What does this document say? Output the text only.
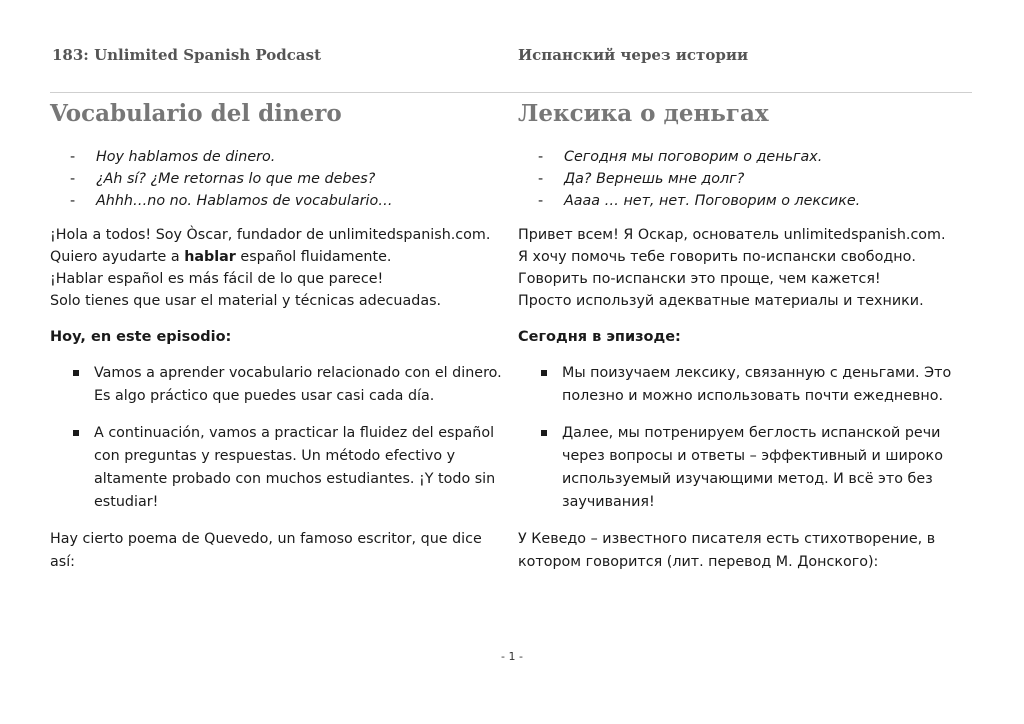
183: Unlimited Spanish Podcast	Испанский через истории
Vocabulario del dinero
- Hoy hablamos de dinero.
- ¿Ah sí? ¿Me retornas lo que me debes?
- Ahhh…no no. Hablamos de vocabulario…
¡Hola a todos! Soy Òscar, fundador de unlimitedspanish.com.
Quiero ayudarte a hablar español fluidamente.
¡Hablar español es más fácil de lo que parece!
Solo tienes que usar el material y técnicas adecuadas.
Hoy, en este episodio:
Vamos a aprender vocabulario relacionado con el dinero. Es algo práctico que puedes usar casi cada día.
A continuación, vamos a practicar la fluidez del español con preguntas y respuestas. Un método efectivo y altamente probado con muchos estudiantes. ¡Y todo sin estudiar!

Hay cierto poema de Quevedo, un famoso escritor, que dice así:

Лексика о деньгах
- Сегодня мы поговорим о деньгах.
- Да? Вернешь мне долг?
- Аааа … нет, нет. Поговорим о лексике.
Привет всем! Я Оскар, основатель unlimitedspanish.com.
Я хочу помочь тебе говорить по-испански свободно.
Говорить по-испански это проще, чем кажется!
Просто используй адекватные материалы и техники.
Сегодня в эпизоде:
Мы поизучаем лексику, связанную с деньгами. Это полезно и можно использовать почти ежедневно.
Далее, мы потренируем беглость испанской речи через вопросы и ответы – эффективный и широко используемый изучающими метод. И всё это без заучивания!

У Кеведо – известного писателя есть стихотворение, в котором говорится (лит. перевод М. Донского):

- 1 -
